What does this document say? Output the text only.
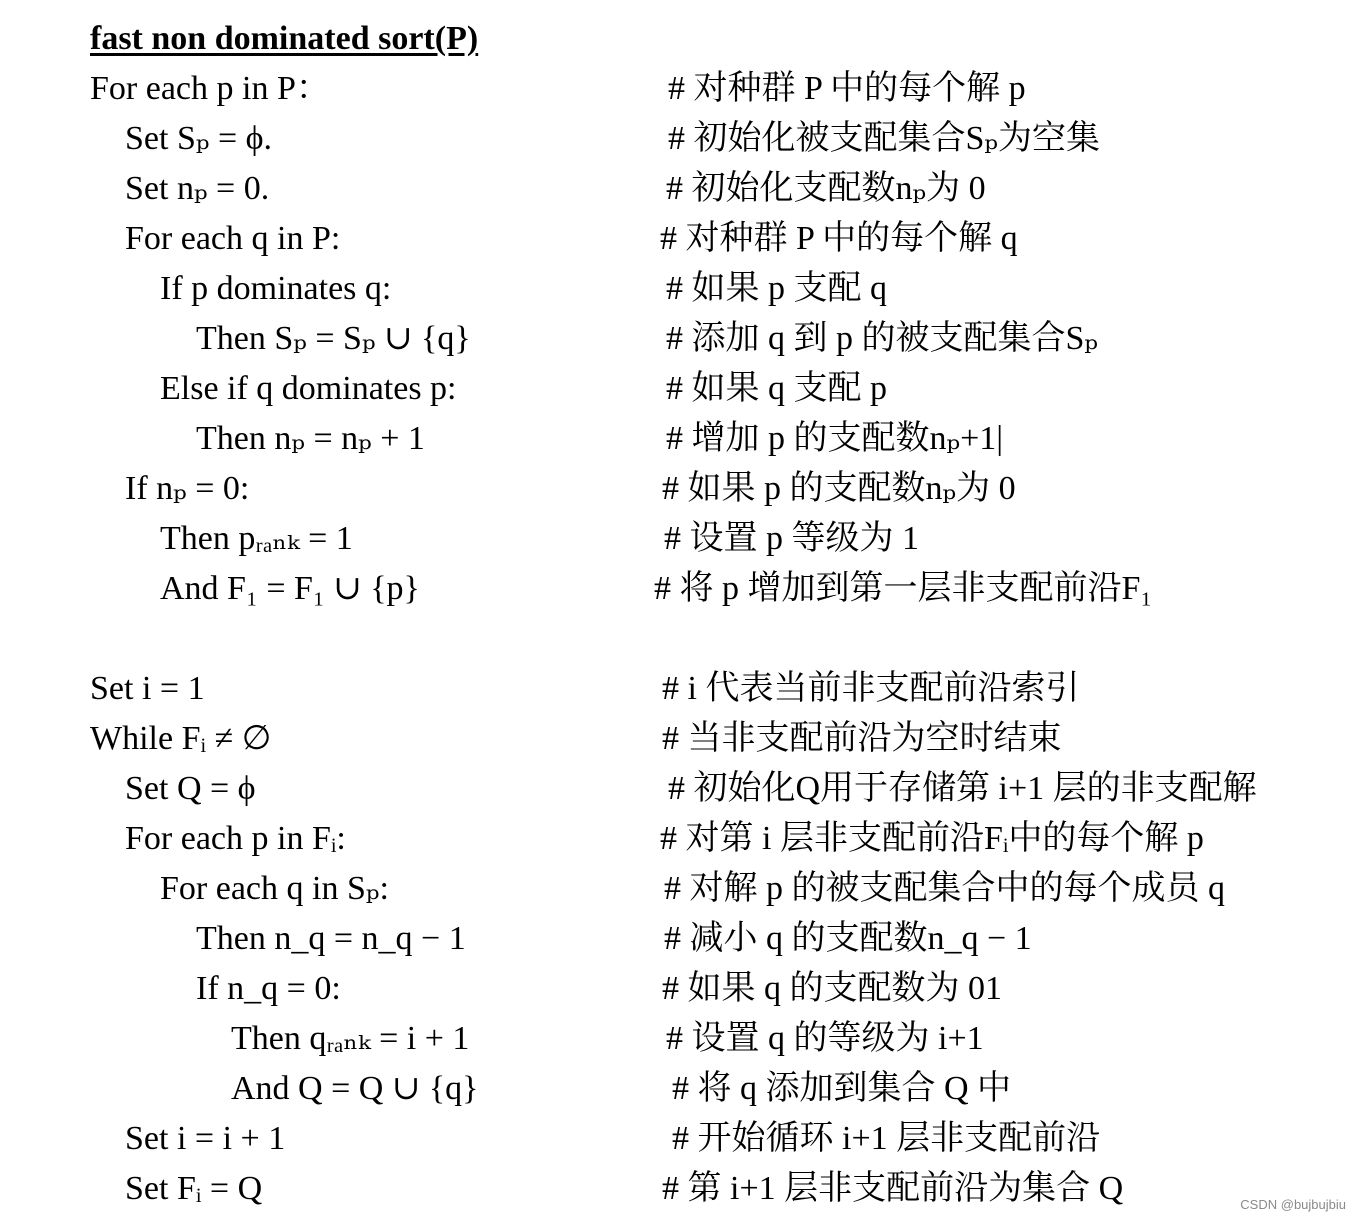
fast non dominated sort(P)
For each p in P：	# 对种群 P 中的每个解 p
Set Sₚ = ϕ.	# 初始化被支配集合Sₚ为空集
Set nₚ = 0.	# 初始化支配数nₚ为 0
For each q in P:	# 对种群 P 中的每个解 q
If p dominates q:	# 如果 p 支配 q
Then Sₚ = Sₚ ∪ {q}	# 添加 q 到 p 的被支配集合Sₚ
Else if q dominates p:	# 如果 q 支配 p
Then nₚ = nₚ + 1	# 增加 p 的支配数nₚ+1|
If nₚ = 0:	# 如果 p 的支配数nₚ为 0
Then pᵣₐₙₖ = 1	# 设置 p 等级为 1
And F₁ = F₁ ∪ {p}	# 将 p 增加到第一层非支配前沿F₁
Set i = 1	# i 代表当前非支配前沿索引
While Fᵢ ≠ ∅	# 当非支配前沿为空时结束
Set Q = ϕ	# 初始化Q用于存储第 i+1 层的非支配解
For each p in Fᵢ:	# 对第 i 层非支配前沿Fᵢ中的每个解 p
For each q in Sₚ:	# 对解 p 的被支配集合中的每个成员 q
Then n_q = n_q − 1	# 减小 q 的支配数n_q − 1
If n_q = 0:	# 如果 q 的支配数为 01
Then qᵣₐₙₖ = i + 1	# 设置 q 的等级为 i+1
And Q = Q ∪ {q}	# 将 q 添加到集合 Q 中
Set i = i + 1	# 开始循环 i+1 层非支配前沿
Set Fᵢ = Q	# 第 i+1 层非支配前沿为集合 Q	CSDN @bujbujbiu
